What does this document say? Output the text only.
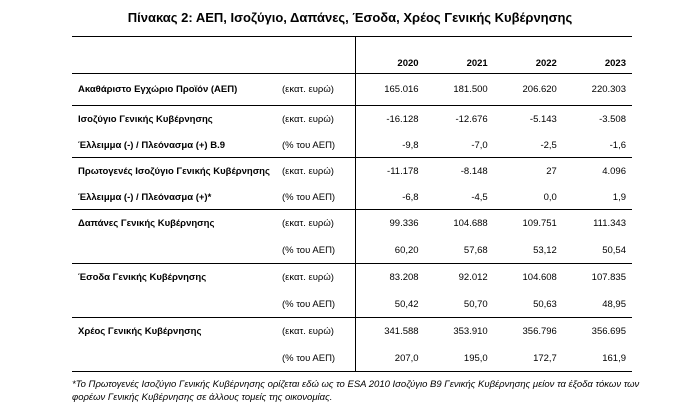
Πίνακας 2: ΑΕΠ, Ισοζύγιο, Δαπάνες, Έσοδα, Χρέος Γενικής Κυβέρνησης
		2020	2021	2022	2023
Ακαθάριστο Εγχώριο Προϊόν (ΑΕΠ)	(εκατ. ευρώ)	165.016	181.500	206.620	220.303
Ισοζύγιο Γενικής Κυβέρνησης	(εκατ. ευρώ)	-16.128	-12.676	-5.143	-3.508
Έλλειμμα (-) / Πλεόνασμα (+) B.9	(% του ΑΕΠ)	-9,8	-7,0	-2,5	-1,6
Πρωτογενές Ισοζύγιο Γενικής Κυβέρνησης	(εκατ. ευρώ)	-11.178	-8.148	27	4.096
Έλλειμμα (-) / Πλεόνασμα (+)*	(% του ΑΕΠ)	-6,8	-4,5	0,0	1,9
Δαπάνες Γενικής Κυβέρνησης	(εκατ. ευρώ)	99.336	104.688	109.751	111.343
	(% του ΑΕΠ)	60,20	57,68	53,12	50,54
Έσοδα Γενικής Κυβέρνησης	(εκατ. ευρώ)	83.208	92.012	104.608	107.835
	(% του ΑΕΠ)	50,42	50,70	50,63	48,95
Χρέος Γενικής Κυβέρνησης	(εκατ. ευρώ)	341.588	353.910	356.796	356.695
	(% του ΑΕΠ)	207,0	195,0	172,7	161,9
*Το Πρωτογενές Ισοζύγιο Γενικής Κυβέρνησης ορίζεται εδώ ως το ESA 2010 Ισοζύγιο B9 Γενικής Κυβέρνησης μείον τα έξοδα τόκων των φορέων Γενικής Κυβέρνησης σε άλλους τομείς της οικονομίας.
